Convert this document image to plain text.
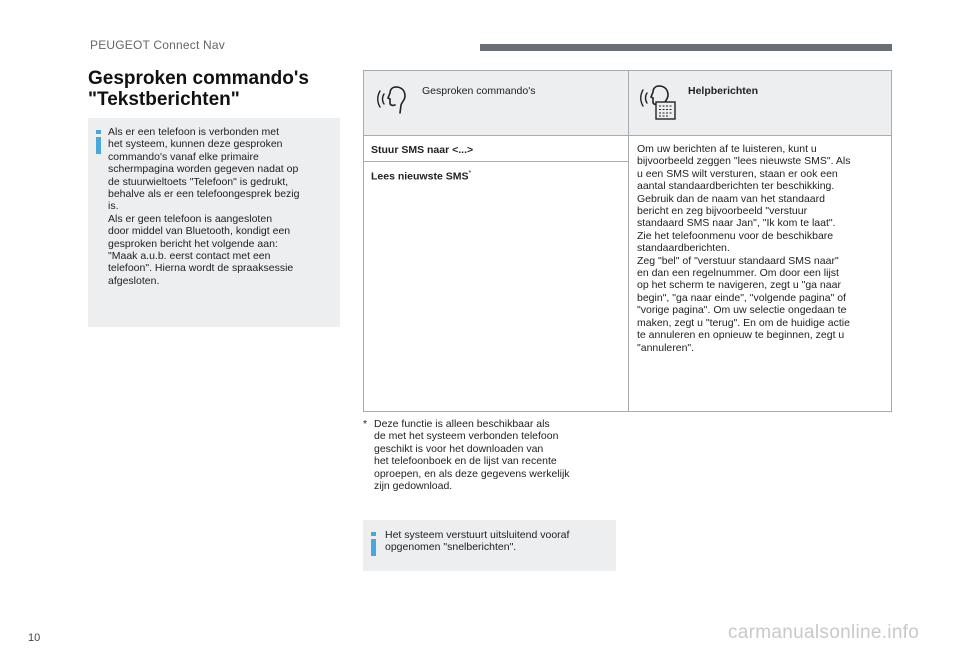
PEUGEOT Connect Nav
Gesproken commando's
"Tekstberichten"
Als er een telefoon is verbonden met
het systeem, kunnen deze gesproken
commando's vanaf elke primaire
schermpagina worden gegeven nadat op
de stuurwieltoets "Telefoon" is gedrukt,
behalve als er een telefoongesprek bezig
is.
Als er geen telefoon is aangesloten
door middel van Bluetooth, kondigt een
gesproken bericht het volgende aan:
"Maak a.u.b. eerst contact met een
telefoon". Hierna wordt de spraaksessie
afgesloten.
Gesproken commando's	Helpberichten
Stuur SMS naar <...>
Lees nieuwste SMS*
Om uw berichten af te luisteren, kunt u
bijvoorbeeld zeggen "lees nieuwste SMS". Als
u een SMS wilt versturen, staan er ook een
aantal standaardberichten ter beschikking.
Gebruik dan de naam van het standaard
bericht en zeg bijvoorbeeld "verstuur
standaard SMS naar Jan", "Ik kom te laat".
Zie het telefoonmenu voor de beschikbare
standaardberichten.
Zeg "bel" of "verstuur standaard SMS naar"
en dan een regelnummer. Om door een lijst
op het scherm te navigeren, zegt u "ga naar
begin", "ga naar einde", "volgende pagina" of
"vorige pagina". Om uw selectie ongedaan te
maken, zegt u "terug". En om de huidige actie
te annuleren en opnieuw te beginnen, zegt u
"annuleren".
* Deze functie is alleen beschikbaar als
de met het systeem verbonden telefoon
geschikt is voor het downloaden van
het telefoonboek en de lijst van recente
oproepen, en als deze gegevens werkelijk
zijn gedownload.
Het systeem verstuurt uitsluitend vooraf
opgenomen "snelberichten".
10	carmanualsonline.info
